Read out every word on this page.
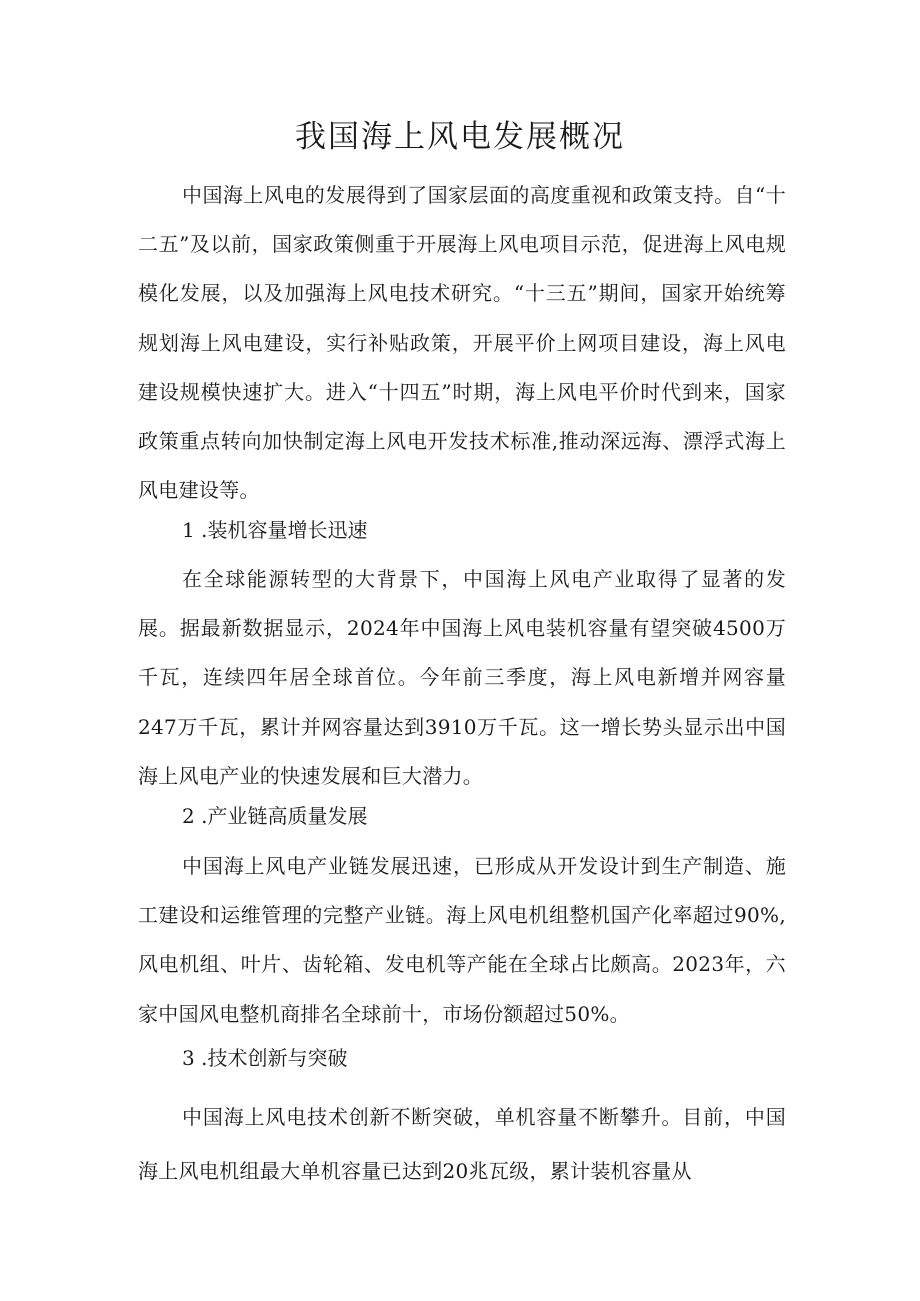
我国海上风电发展概况

中国海上风电的发展得到了国家层面的高度重视和政策支持。自“十二五”及以前，国家政策侧重于开展海上风电项目示范，促进海上风电规模化发展，以及加强海上风电技术研究。“十三五”期间，国家开始统筹规划海上风电建设，实行补贴政策，开展平价上网项目建设，海上风电建设规模快速扩大。进入“十四五”时期，海上风电平价时代到来，国家政策重点转向加快制定海上风电开发技术标准,推动深远海、漂浮式海上风电建设等。

1 .装机容量增长迅速

在全球能源转型的大背景下，中国海上风电产业取得了显著的发展。据最新数据显示，2024年中国海上风电装机容量有望突破4500万千瓦，连续四年居全球首位。今年前三季度，海上风电新增并网容量247万千瓦，累计并网容量达到3910万千瓦。这一增长势头显示出中国海上风电产业的快速发展和巨大潜力。

2 .产业链高质量发展

中国海上风电产业链发展迅速，已形成从开发设计到生产制造、施工建设和运维管理的完整产业链。海上风电机组整机国产化率超过90%,风电机组、叶片、齿轮箱、发电机等产能在全球占比颇高。2023年，六家中国风电整机商排名全球前十，市场份额超过50%。

3 .技术创新与突破

中国海上风电技术创新不断突破，单机容量不断攀升。目前，中国海上风电机组最大单机容量已达到20兆瓦级，累计装机容量从
